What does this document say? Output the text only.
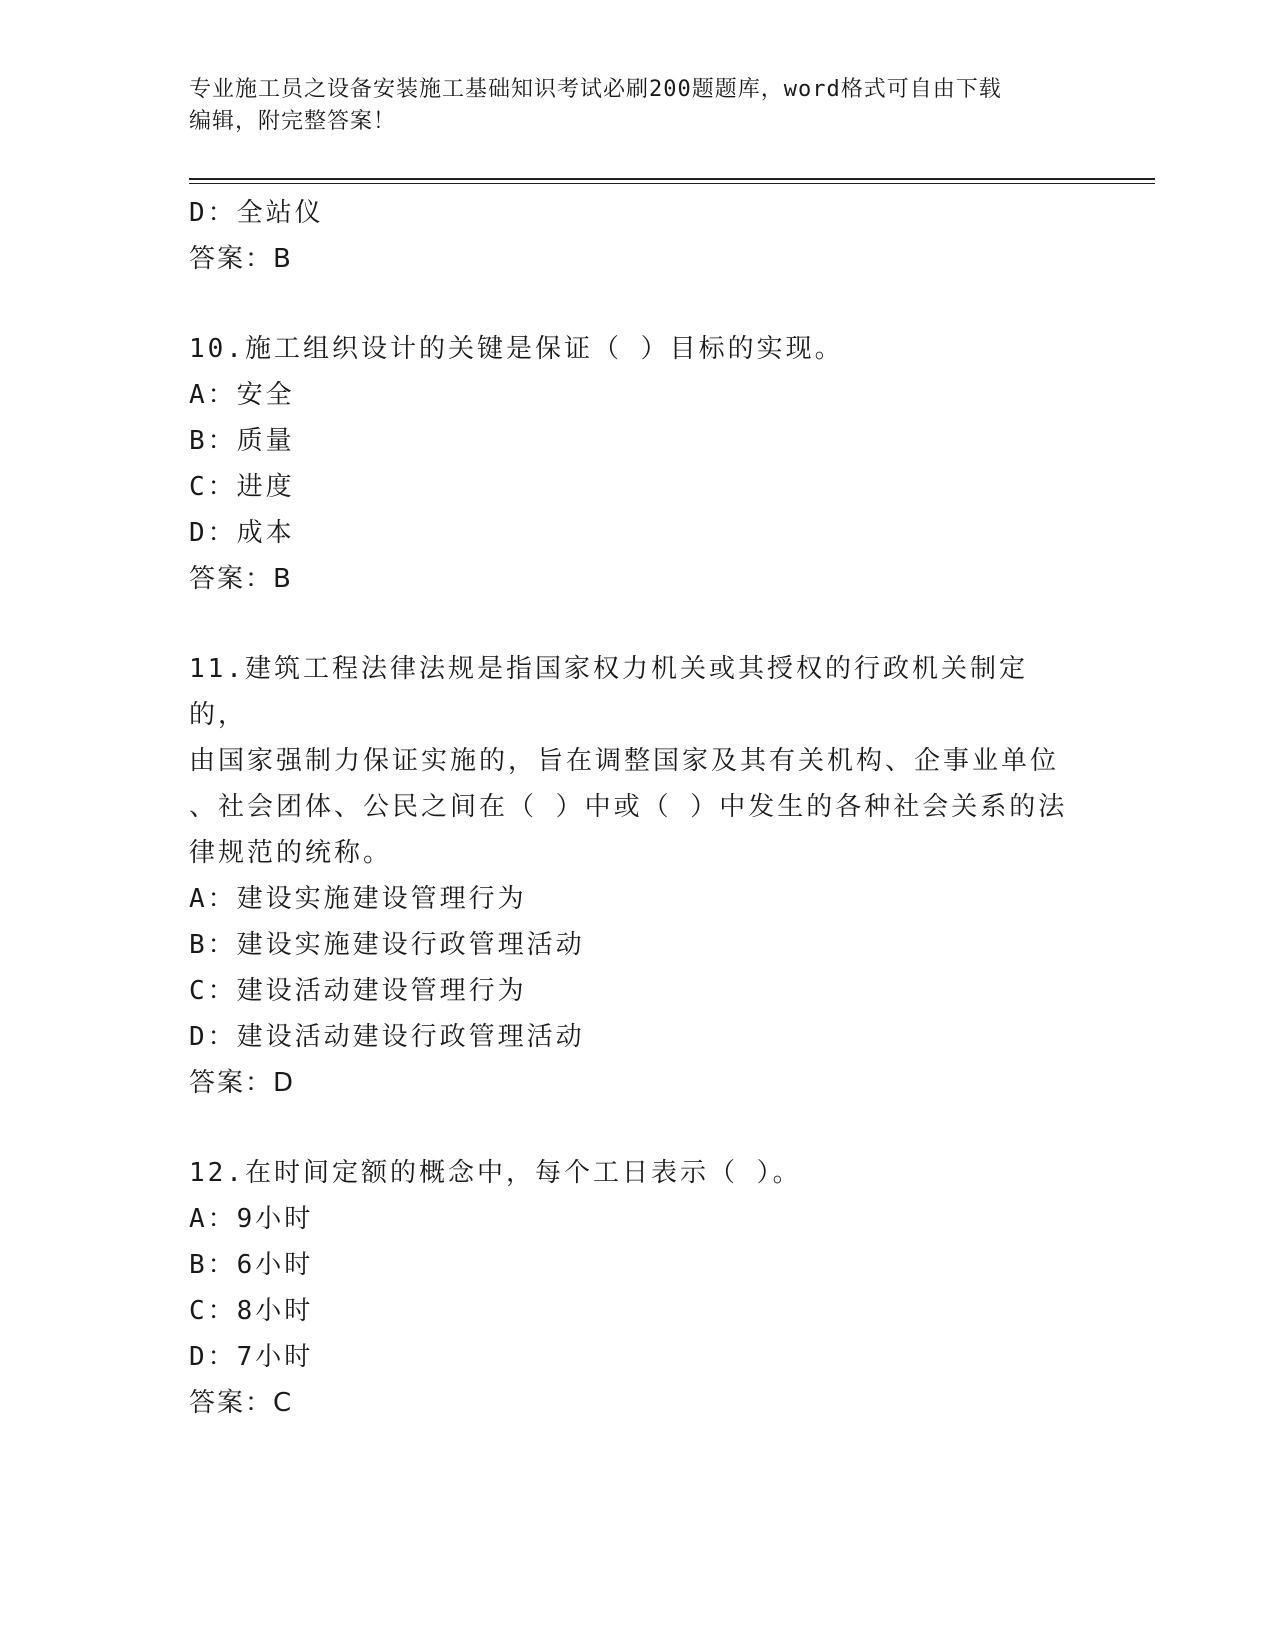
专业施工员之设备安装施工基础知识考试必刷200题题库，word格式可自由下载
编辑，附完整答案！
D：全站仪
答案：B
10.施工组织设计的关键是保证（ ）目标的实现。
A：安全
B：质量
C：进度
D：成本
答案：B
11.建筑工程法律法规是指国家权力机关或其授权的行政机关制定的，
由国家强制力保证实施的，旨在调整国家及其有关机构、企事业单位
、社会团体、公民之间在（ ）中或（ ）中发生的各种社会关系的法
律规范的统称。
A：建设实施建设管理行为
B：建设实施建设行政管理活动
C：建设活动建设管理行为
D：建设活动建设行政管理活动
答案：D
12.在时间定额的概念中，每个工日表示（ ）。
A：9小时
B：6小时
C：8小时
D：7小时
答案：C
